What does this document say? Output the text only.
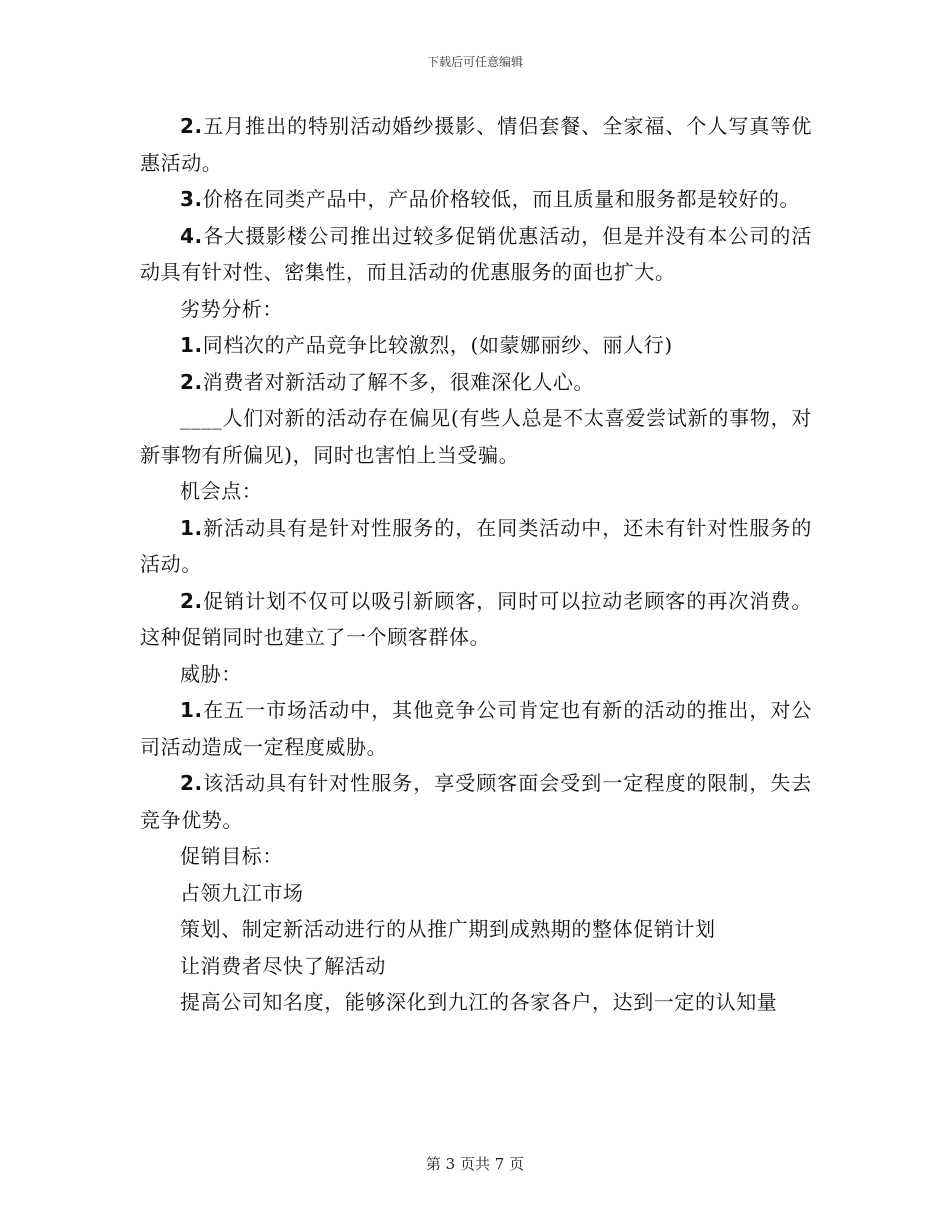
下载后可任意编辑

2.五月推出的特别活动婚纱摄影、情侣套餐、全家福、个人写真等优惠活动。

3.价格在同类产品中，产品价格较低，而且质量和服务都是较好的。

4.各大摄影楼公司推出过较多促销优惠活动，但是并没有本公司的活动具有针对性、密集性，而且活动的优惠服务的面也扩大。

劣势分析：

1.同档次的产品竞争比较激烈，(如蒙娜丽纱、丽人行)

2.消费者对新活动了解不多，很难深化人心。

____人们对新的活动存在偏见(有些人总是不太喜爱尝试新的事物，对新事物有所偏见)，同时也害怕上当受骗。

机会点：

1.新活动具有是针对性服务的，在同类活动中，还未有针对性服务的活动。

2.促销计划不仅可以吸引新顾客，同时可以拉动老顾客的再次消费。这种促销同时也建立了一个顾客群体。

威胁：

1.在五一市场活动中，其他竞争公司肯定也有新的活动的推出，对公司活动造成一定程度威胁。

2.该活动具有针对性服务，享受顾客面会受到一定程度的限制，失去竞争优势。

促销目标：

占领九江市场

策划、制定新活动进行的从推广期到成熟期的整体促销计划

让消费者尽快了解活动

提高公司知名度，能够深化到九江的各家各户，达到一定的认知量

第 3 页共 7 页
